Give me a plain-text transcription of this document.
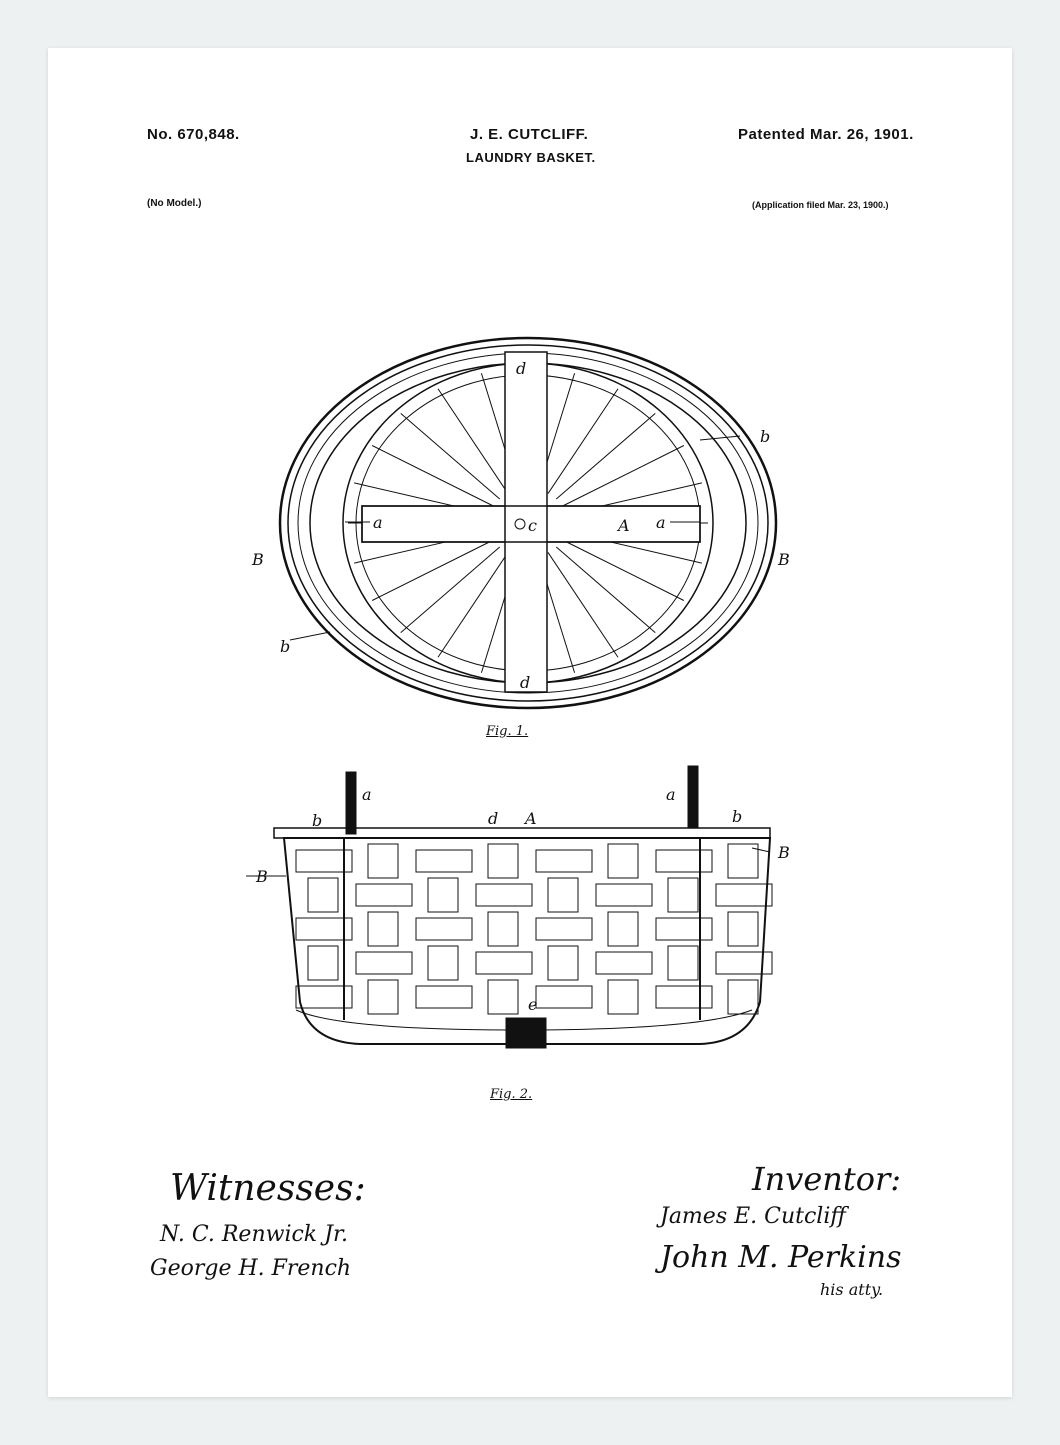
No. 670,848.	J. E. CUTCLIFF.
LAUNDRY BASKET.
Patented Mar. 26, 1901.
(No Model.)	(Application filed Mar. 23, 1900.)
d
d
b
b
a	a
c	A
B	B
a	a
b	b
d A
B
B
e
Fig. 1.
Fig. 2.
Witnesses:
N. C. Renwick Jr.
George H. French
Inventor:
James E. Cutcliff
John M. Perkins
his atty.
